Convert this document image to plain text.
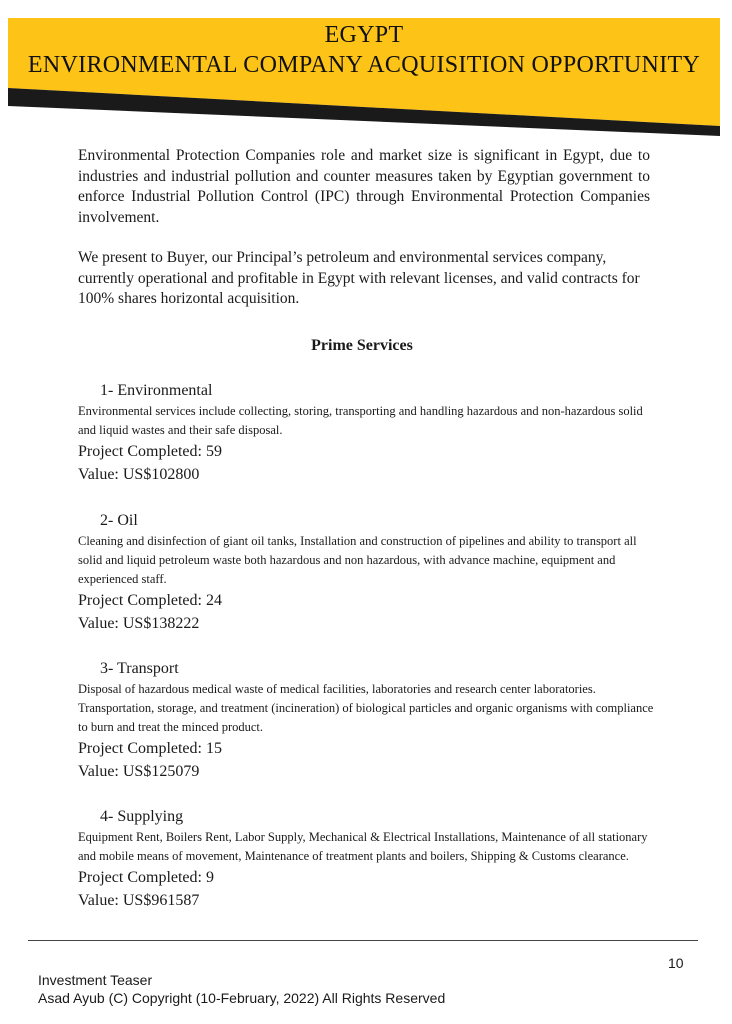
EGYPT
ENVIRONMENTAL COMPANY ACQUISITION OPPORTUNITY
Environmental Protection Companies role and market size is significant in Egypt, due to industries and industrial pollution and counter measures taken by Egyptian government to enforce Industrial Pollution Control (IPC) through Environmental Protection Companies involvement.
We present to Buyer, our Principal’s petroleum and environmental services company, currently operational and profitable in Egypt with relevant licenses, and valid contracts for 100% shares horizontal acquisition.
Prime Services
1- Environmental
Environmental services include collecting, storing, transporting and handling hazardous and non-hazardous solid and liquid wastes and their safe disposal.
Project Completed: 59
Value: US$102800
2- Oil
Cleaning and disinfection of giant oil tanks, Installation and construction of pipelines and ability to transport all solid and liquid petroleum waste both hazardous and non hazardous, with advance machine, equipment and experienced staff.
Project Completed: 24
Value: US$138222
3- Transport
Disposal of hazardous medical waste of medical facilities, laboratories and research center laboratories. Transportation, storage, and treatment (incineration) of biological particles and organic organisms with compliance to burn and treat the minced product.
Project Completed: 15
Value: US$125079
4- Supplying
Equipment Rent, Boilers Rent, Labor Supply, Mechanical & Electrical Installations, Maintenance of all stationary and mobile means of movement, Maintenance of treatment plants and boilers, Shipping & Customs clearance.
Project Completed: 9
Value: US$961587
10
Investment Teaser
Asad Ayub (C) Copyright (10-February, 2022) All Rights Reserved
